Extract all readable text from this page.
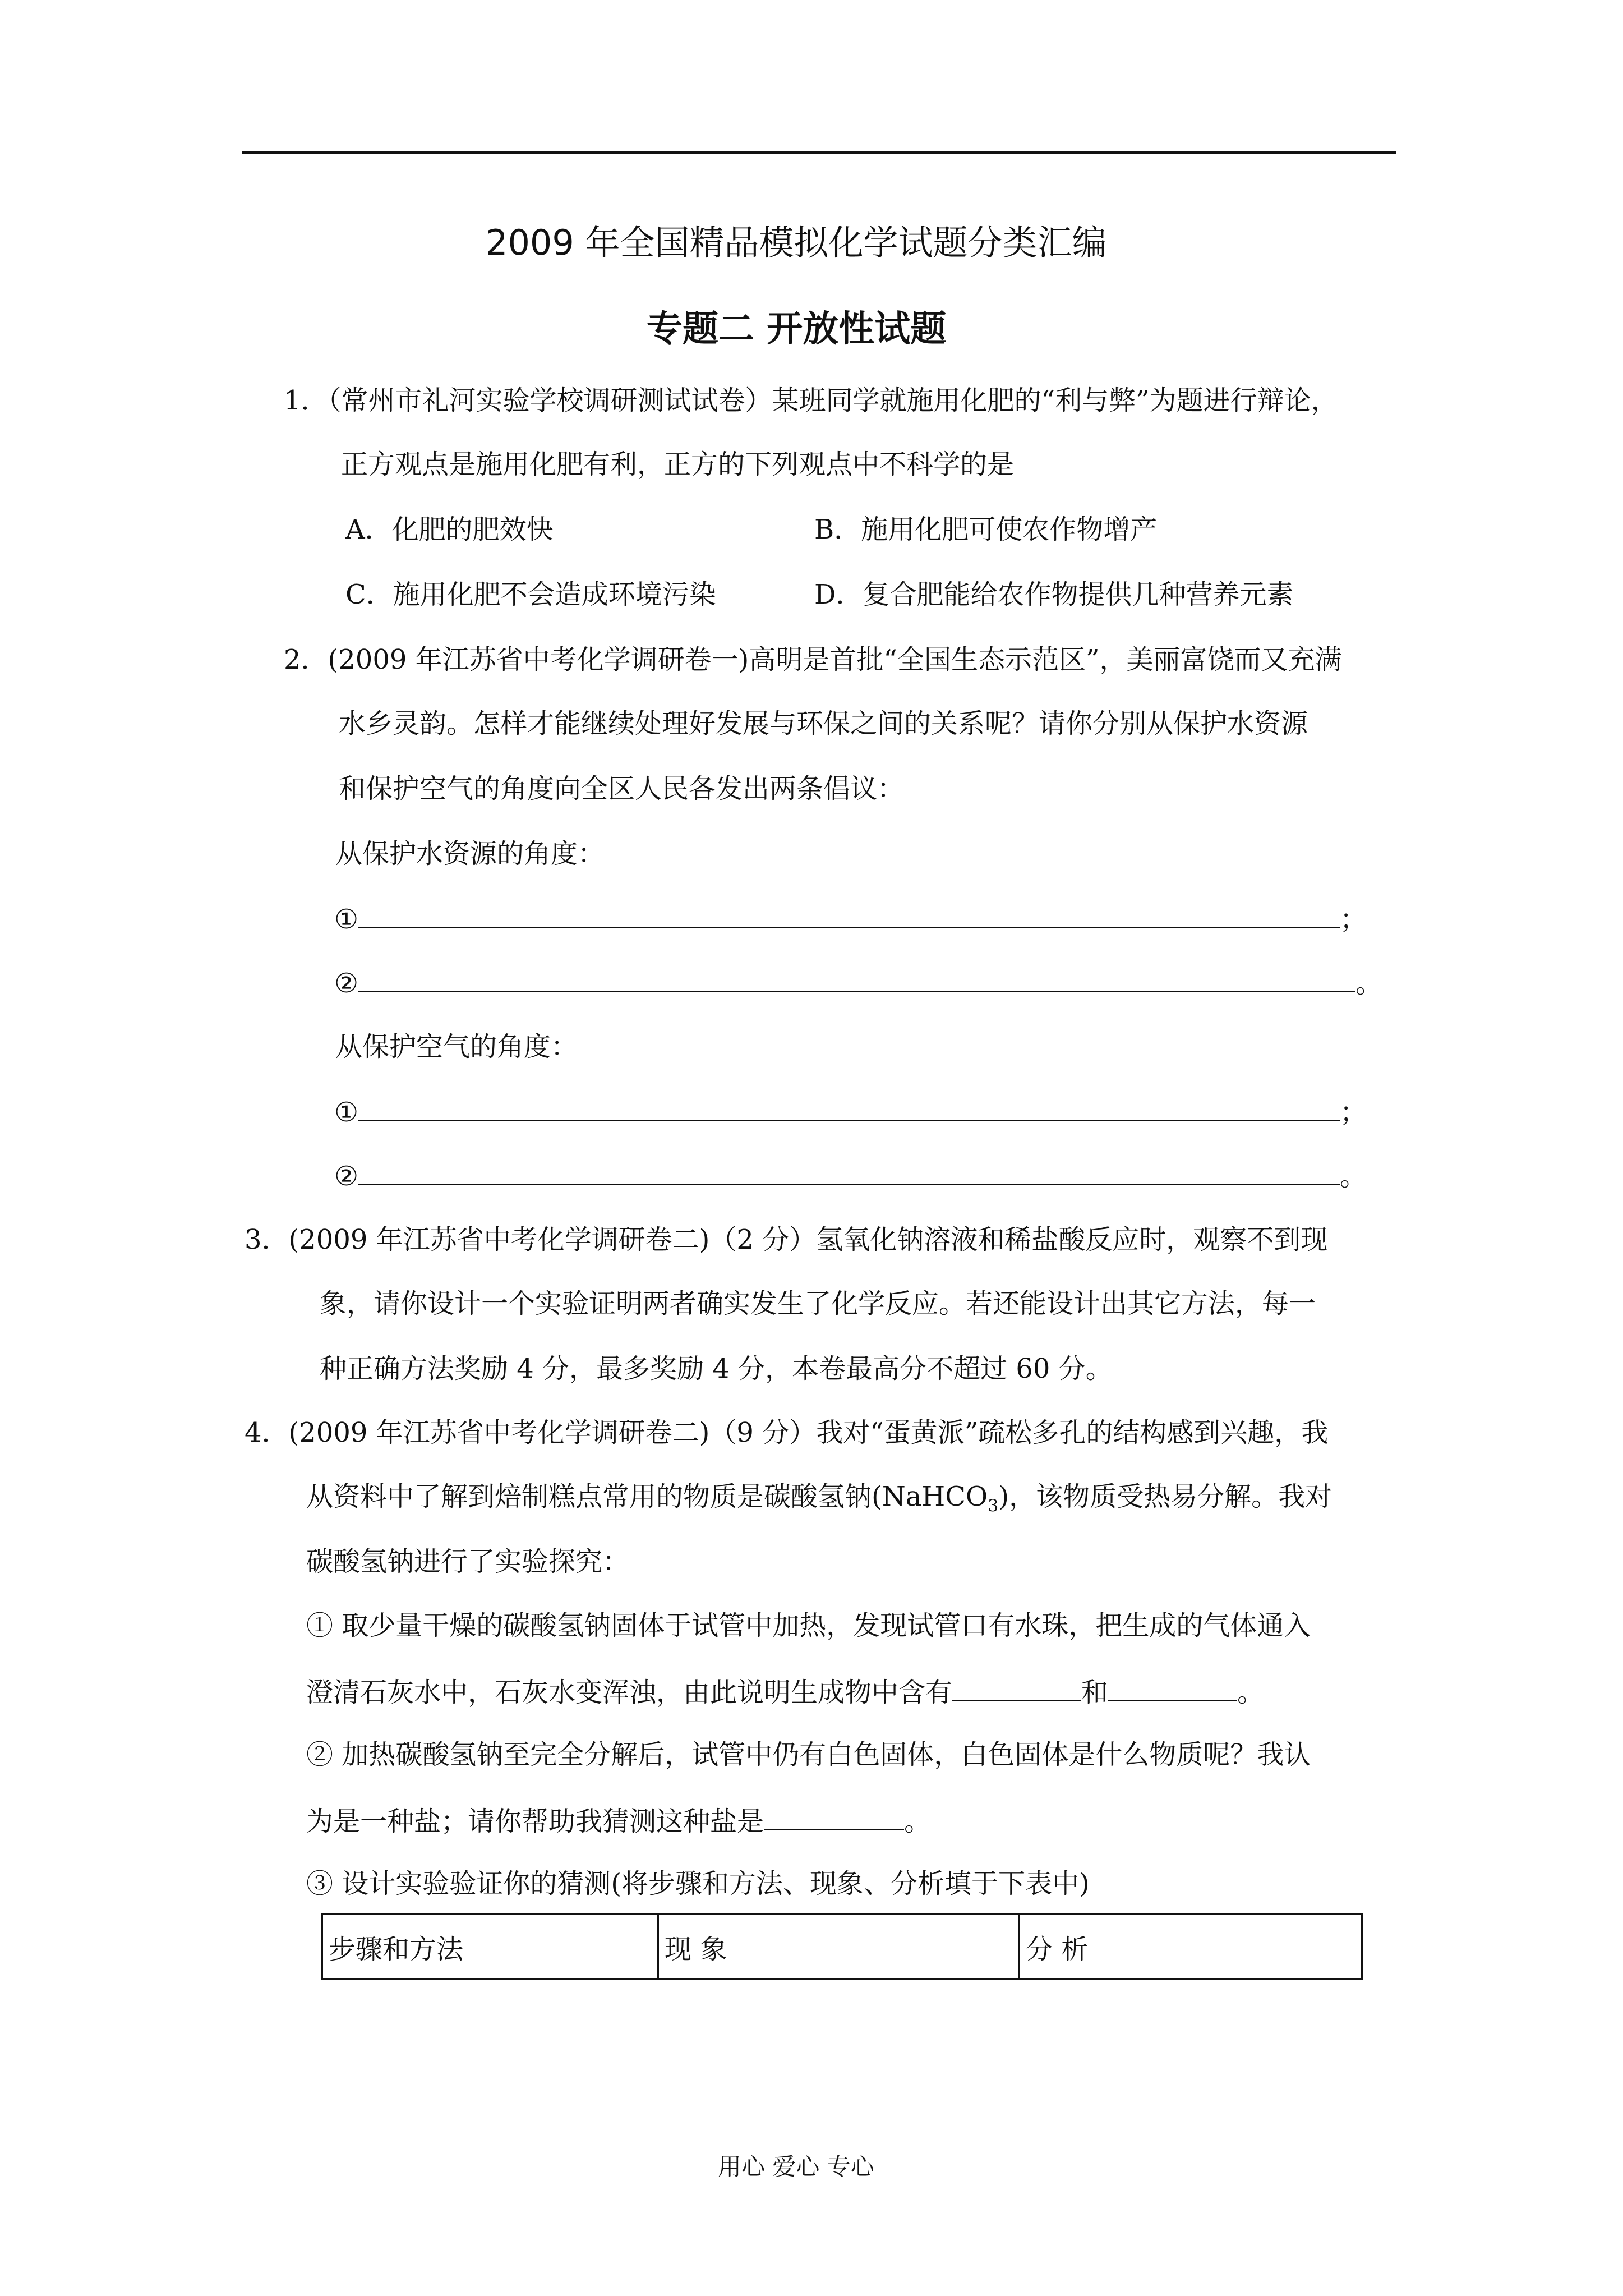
2009 年全国精品模拟化学试题分类汇编
专题二 开放性试题
1．（常州市礼河实验学校调研测试试卷）某班同学就施用化肥的“利与弊”为题进行辩论，
正方观点是施用化肥有利，正方的下列观点中不科学的是
A．化肥的肥效快	B．施用化肥可使农作物增产
C．施用化肥不会造成环境污染	D．复合肥能给农作物提供几种营养元素
2．(2009 年江苏省中考化学调研卷一)高明是首批“全国生态示范区”，美丽富饶而又充满
水乡灵韵。怎样才能继续处理好发展与环保之间的关系呢？请你分别从保护水资源
和保护空气的角度向全区人民各发出两条倡议：
从保护水资源的角度：
①	；
②	。
从保护空气的角度：
①	；
②	。
3．(2009 年江苏省中考化学调研卷二)（2 分）氢氧化钠溶液和稀盐酸反应时，观察不到现
象，请你设计一个实验证明两者确实发生了化学反应。若还能设计出其它方法，每一
种正确方法奖励 4 分，最多奖励 4 分，本卷最高分不超过 60 分。
4．(2009 年江苏省中考化学调研卷二)（9 分）我对“蛋黄派”疏松多孔的结构感到兴趣，我
从资料中了解到焙制糕点常用的物质是碳酸氢钠(NaHCO$_3$)，该物质受热易分解。我对
碳酸氢钠进行了实验探究：
① 取少量干燥的碳酸氢钠固体于试管中加热，发现试管口有水珠，把生成的气体通入
澄清石灰水中，石灰水变浑浊，由此说明生成物中含有	和	。
② 加热碳酸氢钠至完全分解后，试管中仍有白色固体，白色固体是什么物质呢？我认
为是一种盐；请你帮助我猜测这种盐是	。
③ 设计实验验证你的猜测(将步骤和方法、现象、分析填于下表中)
步骤和方法	现 象	分 析
用心 爱心 专心
